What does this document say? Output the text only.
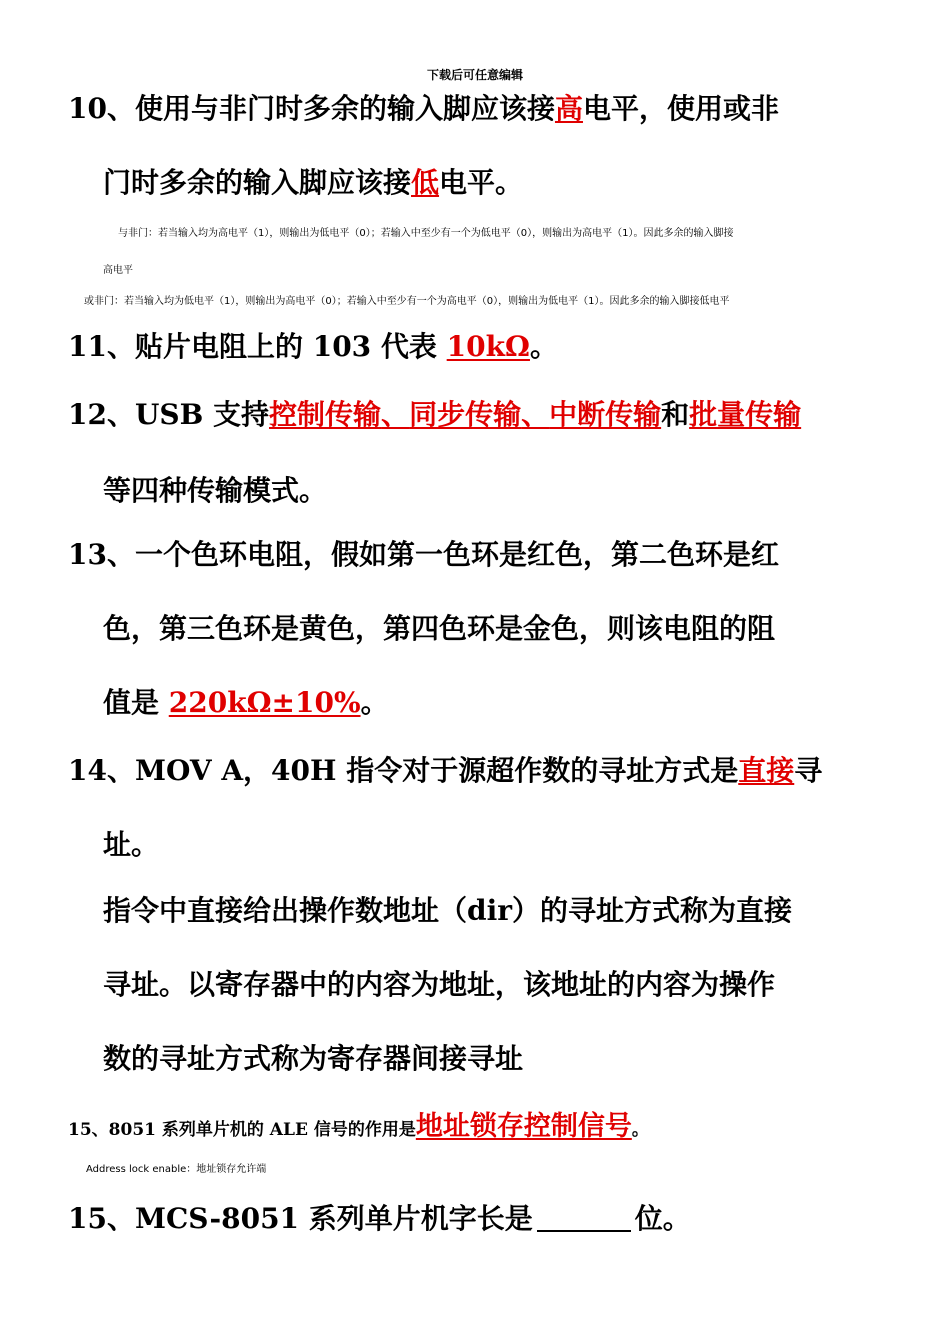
下载后可任意编辑
10、使用与非门时多余的输入脚应该接高电平，使用或非
门时多余的输入脚应该接低电平。
与非门：若当输入均为高电平（1），则输出为低电平（0）；若输入中至少有一个为低电平（0），则输出为高电平（1）。因此多余的输入脚接
高电平
或非门：若当输入均为低电平（1），则输出为高电平（0）；若输入中至少有一个为高电平（0），则输出为低电平（1）。因此多余的输入脚接低电平
11、贴片电阻上的 103 代表 10kΩ。
12、USB 支持控制传输、同步传输、中断传输和批量传输
等四种传输模式。
13、一个色环电阻，假如第一色环是红色，第二色环是红
色，第三色环是黄色，第四色环是金色，则该电阻的阻
值是 220kΩ±10%。
14、MOV A，40H 指令对于源超作数的寻址方式是直接寻
址。
指令中直接给出操作数地址（dir）的寻址方式称为直接
寻址。以寄存器中的内容为地址，该地址的内容为操作
数的寻址方式称为寄存器间接寻址
15、8051 系列单片机的 ALE 信号的作用是地址锁存控制信号。
Address lock enable：地址锁存允许端
15、MCS-8051 系列单片机字长是	位。
